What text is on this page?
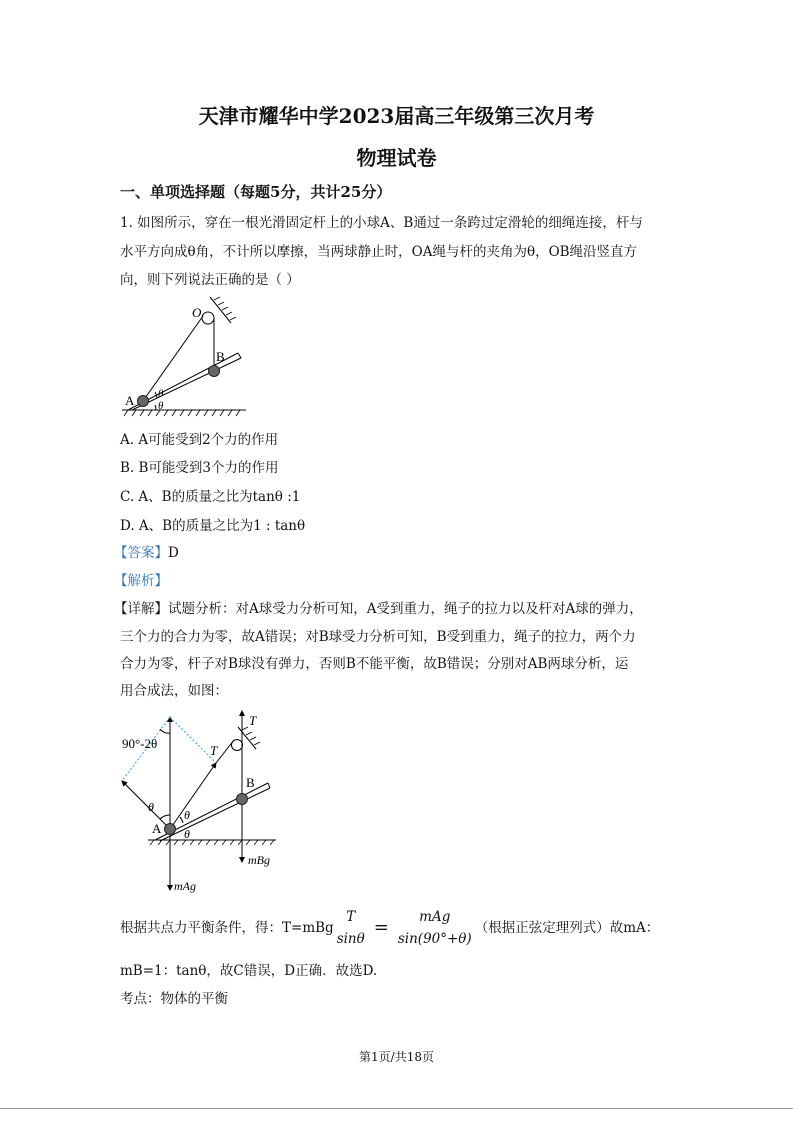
天津市耀华中学2023届高三年级第三次月考
物理试卷
一、单项选择题（每题5分，共计25分）
1. 如图所示，穿在一根光滑固定杆上的小球A、B通过一条跨过定滑轮的细绳连接，杆与
水平方向成θ角，不计所以摩擦，当两球静止时，OA绳与杆的夹角为θ，OB绳沿竖直方
向，则下列说法正确的是（ ）
O
B
A θ
θ
A. A可能受到2个力的作用
B. B可能受到3个力的作用
C. A、B的质量之比为tanθ :1
D. A、B的质量之比为1 : tanθ
【答案】D
【解析】
【详解】试题分析：对A球受力分析可知，A受到重力，绳子的拉力以及杆对A球的弹力，
三个力的合力为零，故A错误；对B球受力分析可知，B受到重力，绳子的拉力，两个力
合力为零，杆子对B球没有弹力，否则B不能平衡，故B错误；分别对AB两球分析，运
用合成法，如图：
90°-2θ	T
T
θ
θ
θ
A
B
mAg
mBg
根据共点力平衡条件，得：T=mBg
T
sinθ
=	mAg
sin(90°+θ)
（根据正弦定理列式）故mA：
mB=1：tanθ，故C错误，D正确．故选D.
考点：物体的平衡
第1页/共18页
